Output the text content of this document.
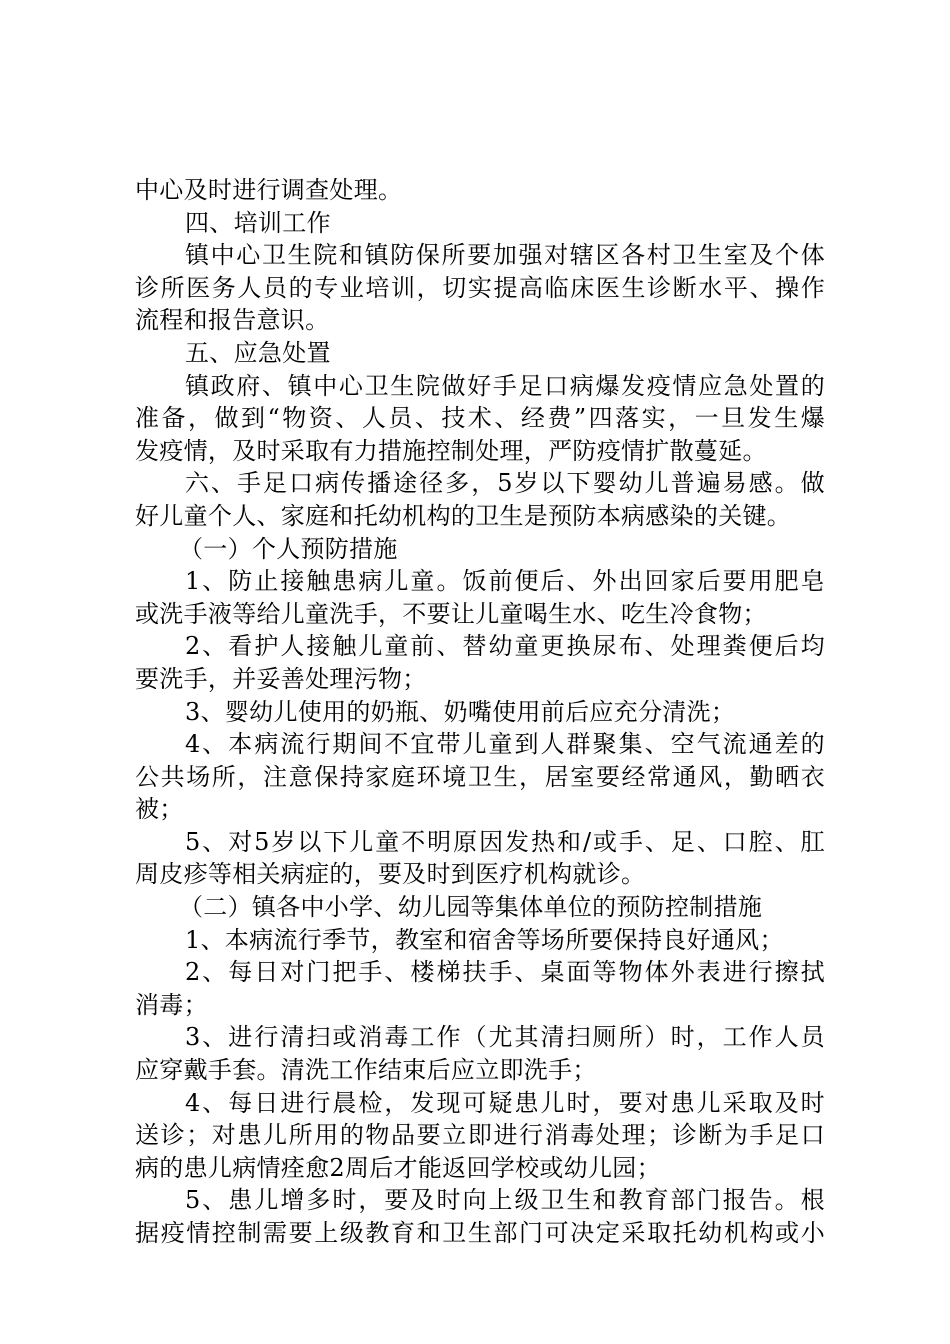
中心及时进行调查处理。
四、培训工作
镇中心卫生院和镇防保所要加强对辖区各村卫生室及个体
诊所医务人员的专业培训，切实提高临床医生诊断水平、操作
流程和报告意识。
五、应急处置
镇政府、镇中心卫生院做好手足口病爆发疫情应急处置的
准备，做到“物资、人员、技术、经费”四落实，一旦发生爆
发疫情，及时采取有力措施控制处理，严防疫情扩散蔓延。
六、手足口病传播途径多，5岁以下婴幼儿普遍易感。做
好儿童个人、家庭和托幼机构的卫生是预防本病感染的关键。
（一）个人预防措施
1、防止接触患病儿童。饭前便后、外出回家后要用肥皂
或洗手液等给儿童洗手，不要让儿童喝生水、吃生冷食物；
2、看护人接触儿童前、替幼童更换尿布、处理粪便后均
要洗手，并妥善处理污物；
3、婴幼儿使用的奶瓶、奶嘴使用前后应充分清洗；
4、本病流行期间不宜带儿童到人群聚集、空气流通差的
公共场所，注意保持家庭环境卫生，居室要经常通风，勤晒衣
被；
5、对5岁以下儿童不明原因发热和/或手、足、口腔、肛
周皮疹等相关病症的，要及时到医疗机构就诊。
（二）镇各中小学、幼儿园等集体单位的预防控制措施
1、本病流行季节，教室和宿舍等场所要保持良好通风；
2、每日对门把手、楼梯扶手、桌面等物体外表进行擦拭
消毒；
3、进行清扫或消毒工作（尤其清扫厕所）时，工作人员
应穿戴手套。清洗工作结束后应立即洗手；
4、每日进行晨检，发现可疑患儿时，要对患儿采取及时
送诊；对患儿所用的物品要立即进行消毒处理；诊断为手足口
病的患儿病情痊愈2周后才能返回学校或幼儿园；
5、患儿增多时，要及时向上级卫生和教育部门报告。根
据疫情控制需要上级教育和卫生部门可决定采取托幼机构或小
